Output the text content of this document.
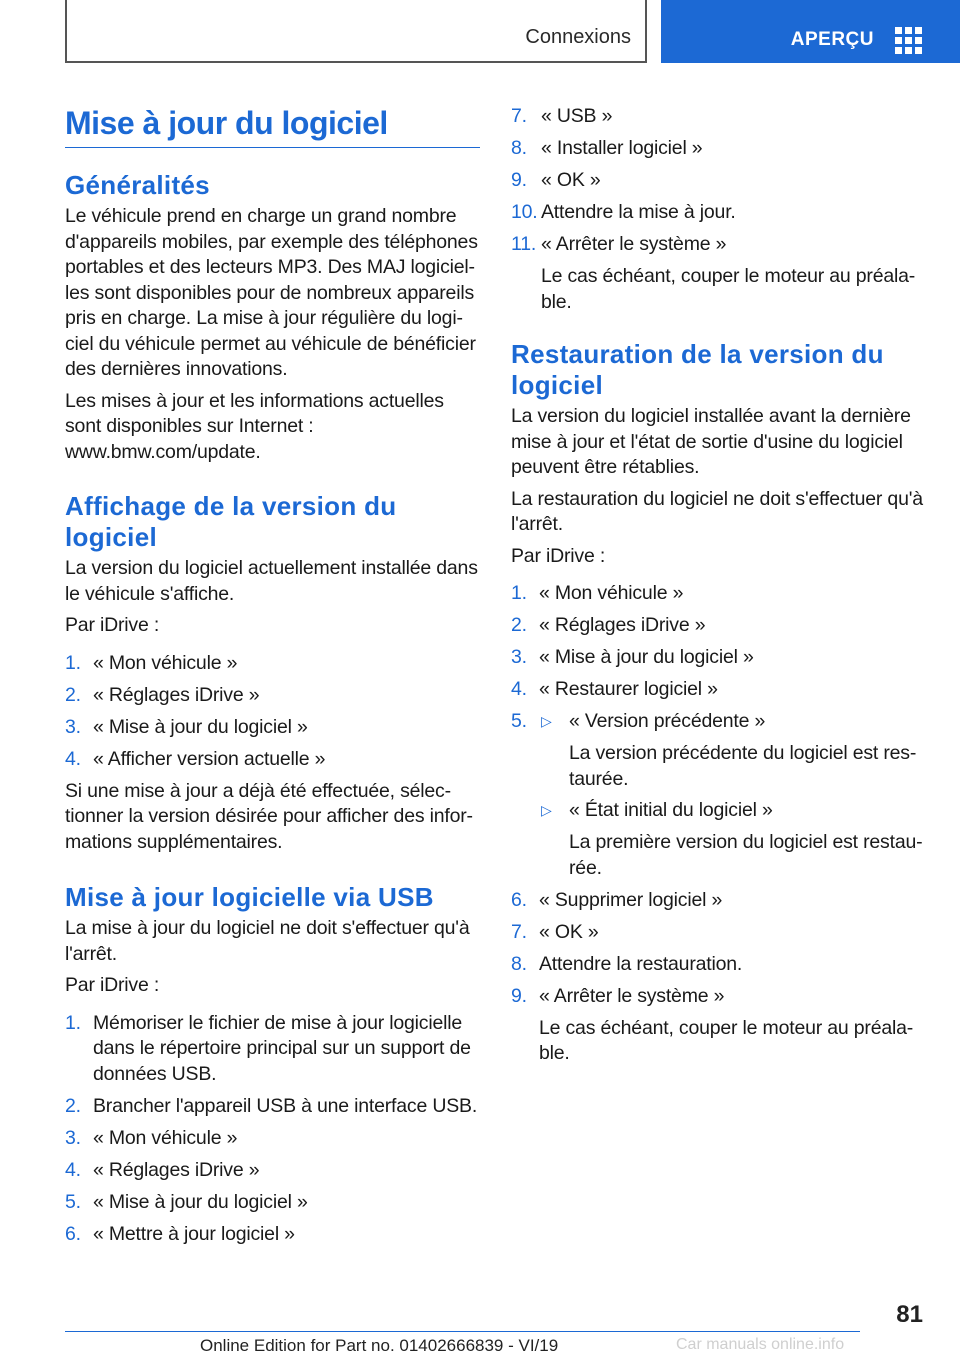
Connexions	APERÇU
Mise à jour du logiciel
Généralités

Le véhicule prend en charge un grand nombre d'appareils mobiles, par exemple des téléphones portables et des lecteurs MP3. Des MAJ logicielles sont disponibles pour de nombreux appareils pris en charge. La mise à jour régulière du logiciel du véhicule permet au véhicule de bénéficier des dernières innovations.

Les mises à jour et les informations actuelles sont disponibles sur Internet : www.bmw.com/update.

Affichage de la version du logiciel

La version du logiciel actuellement installée dans le véhicule s'affiche.

Par iDrive :

1. « Mon véhicule »
2. « Réglages iDrive »
3. « Mise à jour du logiciel »
4. « Afficher version actuelle »

Si une mise à jour a déjà été effectuée, sélectionner la version désirée pour afficher des informations supplémentaires.

Mise à jour logicielle via USB

La mise à jour du logiciel ne doit s'effectuer qu'à l'arrêt.

Par iDrive :

1. Mémoriser le fichier de mise à jour logicielle dans le répertoire principal sur un support de données USB.
2. Brancher l'appareil USB à une interface USB.
3. « Mon véhicule »
4. « Réglages iDrive »
5. « Mise à jour du logiciel »
6. « Mettre à jour logiciel »
7. « USB »
8. « Installer logiciel »
9. « OK »
10. Attendre la mise à jour.
11. « Arrêter le système »

Le cas échéant, couper le moteur au préalable.

Restauration de la version du logiciel

La version du logiciel installée avant la dernière mise à jour et l'état de sortie d'usine du logiciel peuvent être rétablies.

La restauration du logiciel ne doit s'effectuer qu'à l'arrêt.

Par iDrive :

1. « Mon véhicule »
2. « Réglages iDrive »
3. « Mise à jour du logiciel »
4. « Restaurer logiciel »
5. ▷ « Version précédente »

La version précédente du logiciel est restaurée.

▷ « État initial du logiciel »

La première version du logiciel est restaurée.

6. « Supprimer logiciel »
7. « OK »
8. Attendre la restauration.
9. « Arrêter le système »

Le cas échéant, couper le moteur au préalable.

81
Online Edition for Part no. 01402666839 - VI/19	Car manuals online.info
